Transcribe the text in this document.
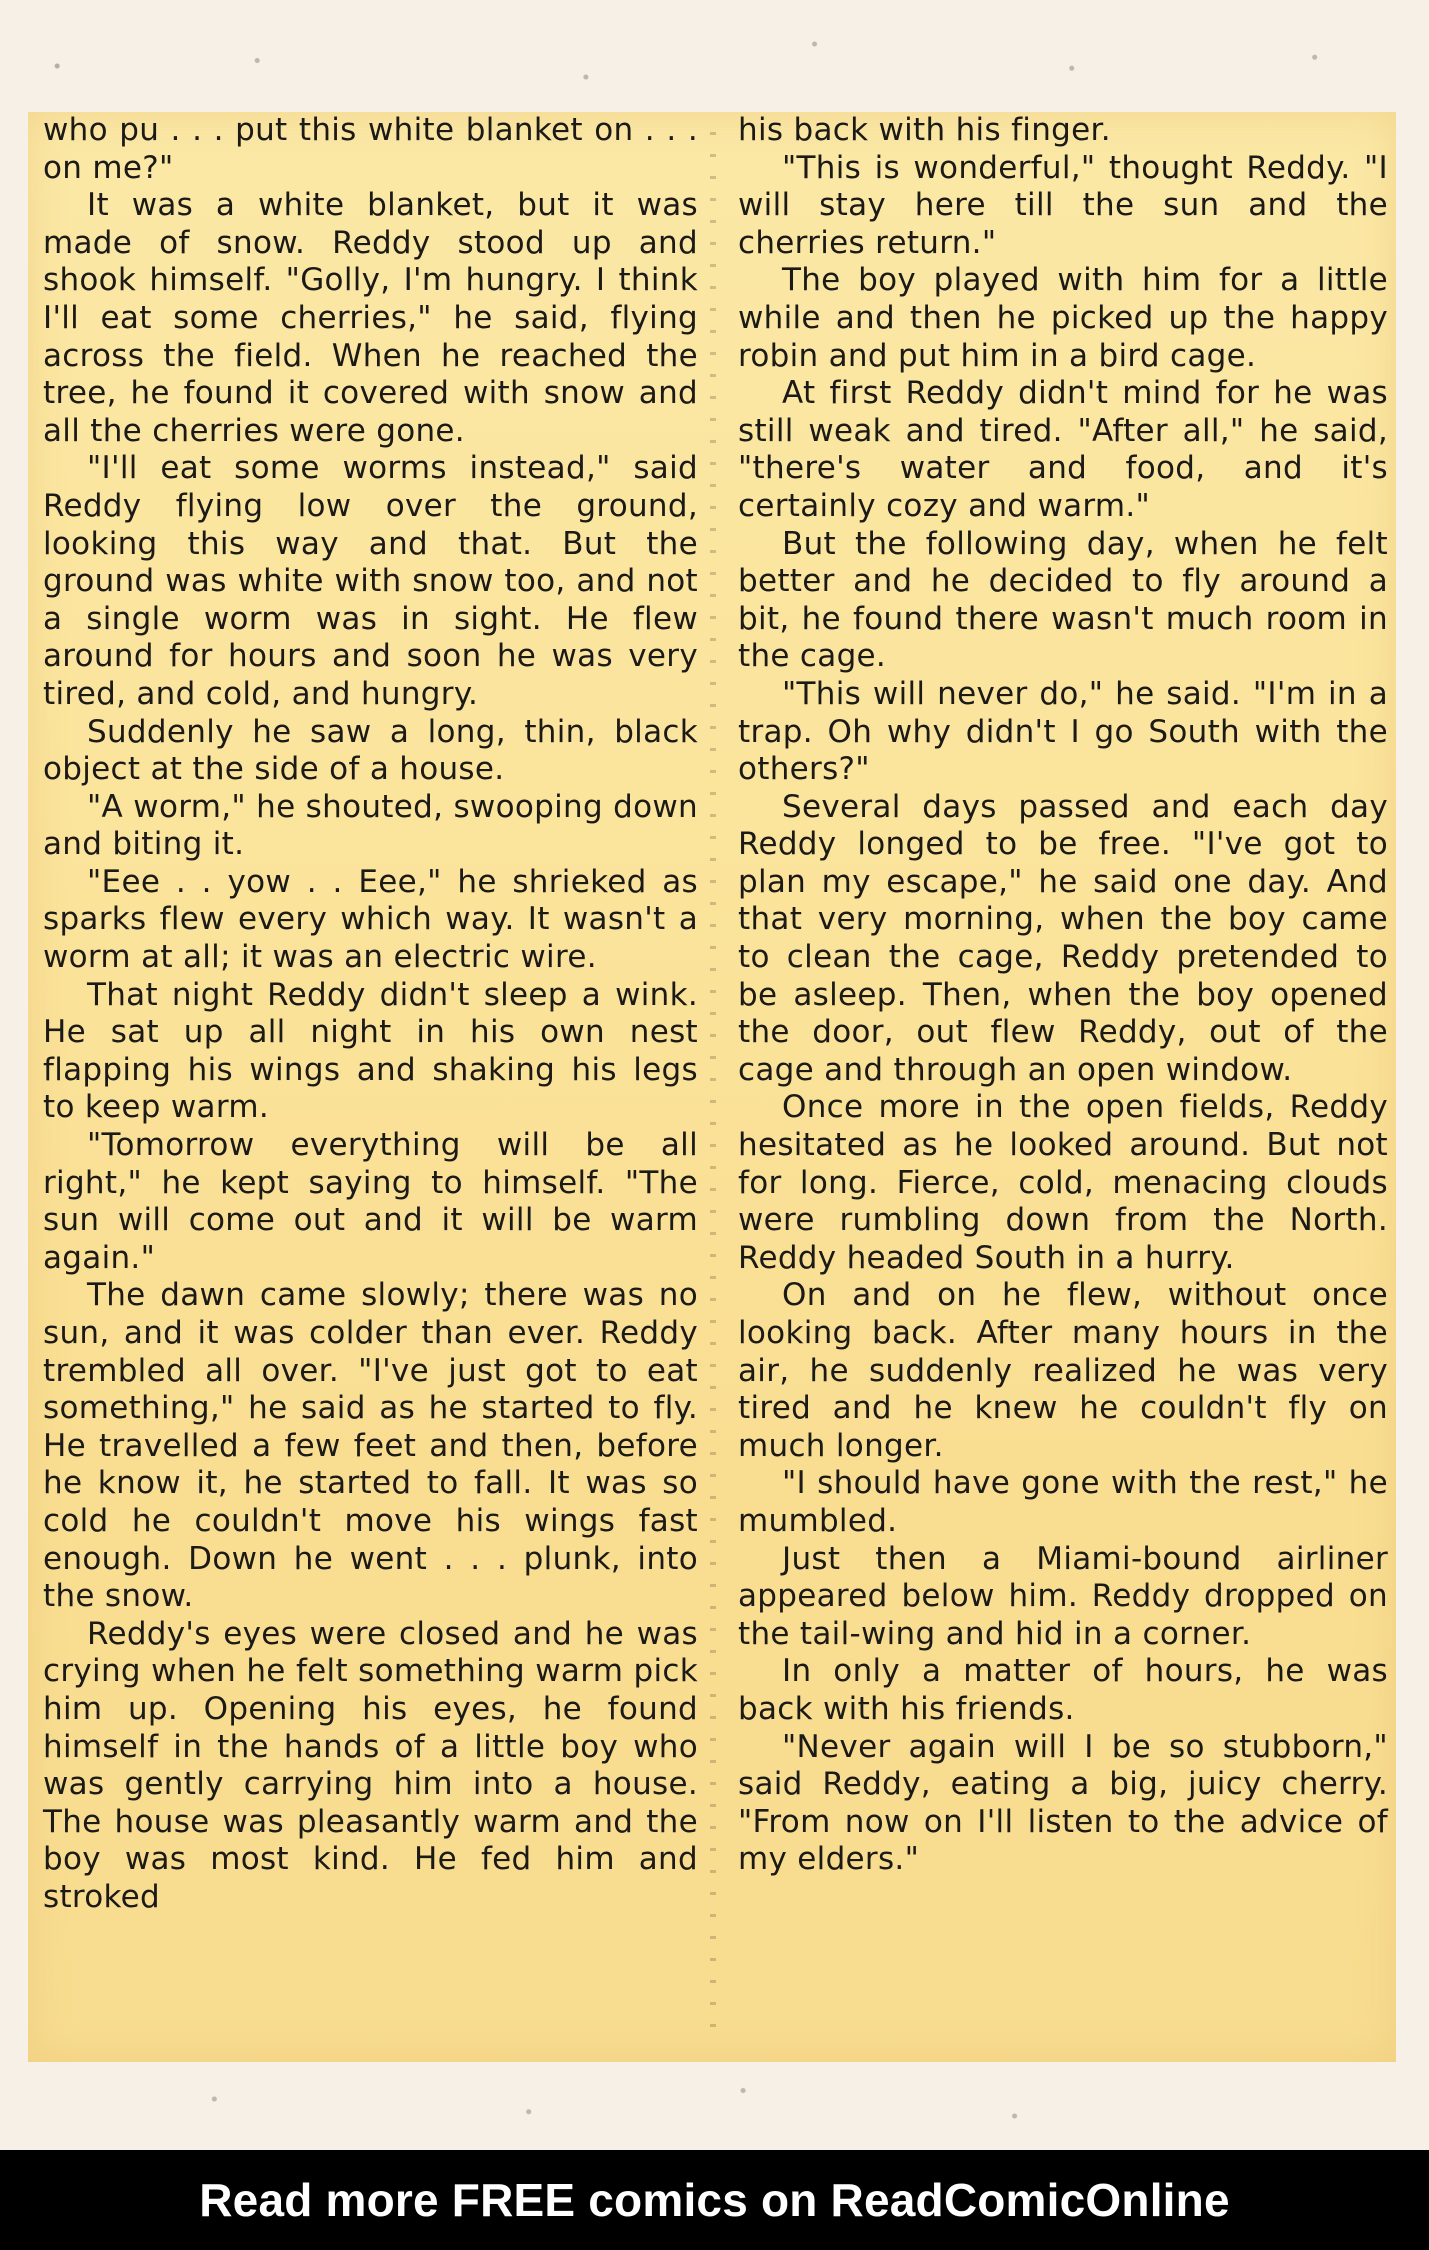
who pu . . . put this white blanket on . . . on me?"

It was a white blanket, but it was made of snow. Reddy stood up and shook himself. "Golly, I'm hungry. I think I'll eat some cherries," he said, flying across the field. When he reached the tree, he found it covered with snow and all the cherries were gone.

"I'll eat some worms instead," said Reddy flying low over the ground, looking this way and that. But the ground was white with snow too, and not a single worm was in sight. He flew around for hours and soon he was very tired, and cold, and hungry.

Suddenly he saw a long, thin, black object at the side of a house.

"A worm," he shouted, swooping down and biting it.

"Eee . . yow . . Eee," he shrieked as sparks flew every which way. It wasn't a worm at all; it was an electric wire.

That night Reddy didn't sleep a wink. He sat up all night in his own nest flapping his wings and shaking his legs to keep warm.

"Tomorrow everything will be all right," he kept saying to himself. "The sun will come out and it will be warm again."

The dawn came slowly; there was no sun, and it was colder than ever. Reddy trembled all over. "I've just got to eat something," he said as he started to fly. He travelled a few feet and then, before he know it, he started to fall. It was so cold he couldn't move his wings fast enough. Down he went . . . plunk, into the snow.

Reddy's eyes were closed and he was crying when he felt something warm pick him up. Opening his eyes, he found himself in the hands of a little boy who was gently carrying him into a house. The house was pleasantly warm and the boy was most kind. He fed him and stroked

his back with his finger.

"This is wonderful," thought Reddy. "I will stay here till the sun and the cherries return."

The boy played with him for a little while and then he picked up the happy robin and put him in a bird cage.

At first Reddy didn't mind for he was still weak and tired. "After all," he said, "there's water and food, and it's certainly cozy and warm."

But the following day, when he felt better and he decided to fly around a bit, he found there wasn't much room in the cage.

"This will never do," he said. "I'm in a trap. Oh why didn't I go South with the others?"

Several days passed and each day Reddy longed to be free. "I've got to plan my escape," he said one day. And that very morning, when the boy came to clean the cage, Reddy pretended to be asleep. Then, when the boy opened the door, out flew Reddy, out of the cage and through an open window.

Once more in the open fields, Reddy hesitated as he looked around. But not for long. Fierce, cold, menacing clouds were rumbling down from the North. Reddy headed South in a hurry.

On and on he flew, without once looking back. After many hours in the air, he suddenly realized he was very tired and he knew he couldn't fly on much longer.

"I should have gone with the rest," he mumbled.

Just then a Miami-bound airliner appeared below him. Reddy dropped on the tail-wing and hid in a corner.

In only a matter of hours, he was back with his friends.

"Never again will I be so stubborn," said Reddy, eating a big, juicy cherry. "From now on I'll listen to the advice of my elders."

Read more FREE comics on ReadComicOnline
